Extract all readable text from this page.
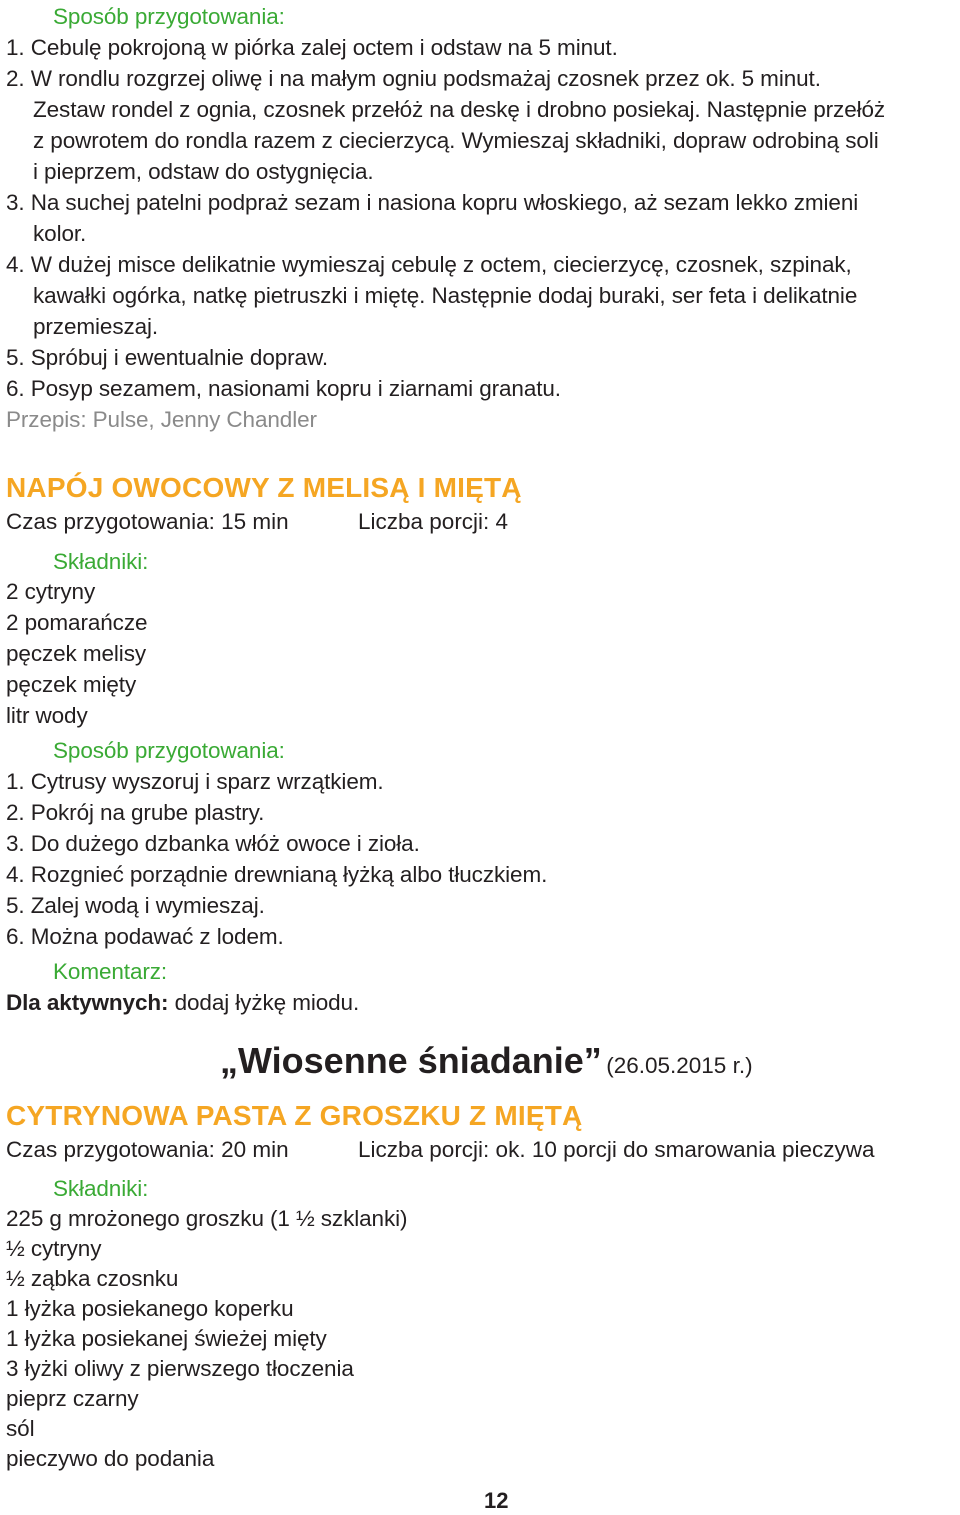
Sposób przygotowania:
1. Cebulę pokrojoną w piórka zalej octem i odstaw na 5 minut.
2. W rondlu rozgrzej oliwę i na małym ogniu podsmażaj czosnek przez ok. 5 minut.
Zestaw rondel z ognia, czosnek przełóż na deskę i drobno posiekaj. Następnie przełóż
z powrotem do rondla razem z ciecierzycą. Wymieszaj składniki, dopraw odrobiną soli
i pieprzem, odstaw do ostygnięcia.
3. Na suchej patelni podpraż sezam i nasiona kopru włoskiego, aż sezam lekko zmieni
kolor.
4. W dużej misce delikatnie wymieszaj cebulę z octem, ciecierzycę, czosnek, szpinak,
kawałki ogórka, natkę pietruszki i miętę. Następnie dodaj buraki, ser feta i delikatnie
przemieszaj.
5. Spróbuj i ewentualnie dopraw.
6. Posyp sezamem, nasionami kopru i ziarnami granatu.
Przepis: Pulse, Jenny Chandler
NAPÓJ OWOCOWY Z MELISĄ I MIĘTĄ
Czas przygotowania: 15 min	Liczba porcji: 4
Składniki:
2 cytryny
2 pomarańcze
pęczek melisy
pęczek mięty
litr wody
Sposób przygotowania:
1. Cytrusy wyszoruj i sparz wrzątkiem.
2. Pokrój na grube plastry.
3. Do dużego dzbanka włóż owoce i zioła.
4. Rozgnieć porządnie drewnianą łyżką albo tłuczkiem.
5. Zalej wodą i wymieszaj.
6. Można podawać z lodem.
Komentarz:
Dla aktywnych: dodaj łyżkę miodu.
„Wiosenne śniadanie” (26.05.2015 r.)
CYTRYNOWA PASTA Z GROSZKU Z MIĘTĄ
Czas przygotowania: 20 min	Liczba porcji: ok. 10 porcji do smarowania pieczywa
Składniki:
225 g mrożonego groszku (1 ½ szklanki)
½ cytryny
½ ząbka czosnku
1 łyżka posiekanego koperku
1 łyżka posiekanej świeżej mięty
3 łyżki oliwy z pierwszego tłoczenia
pieprz czarny
sól
pieczywo do podania
12
